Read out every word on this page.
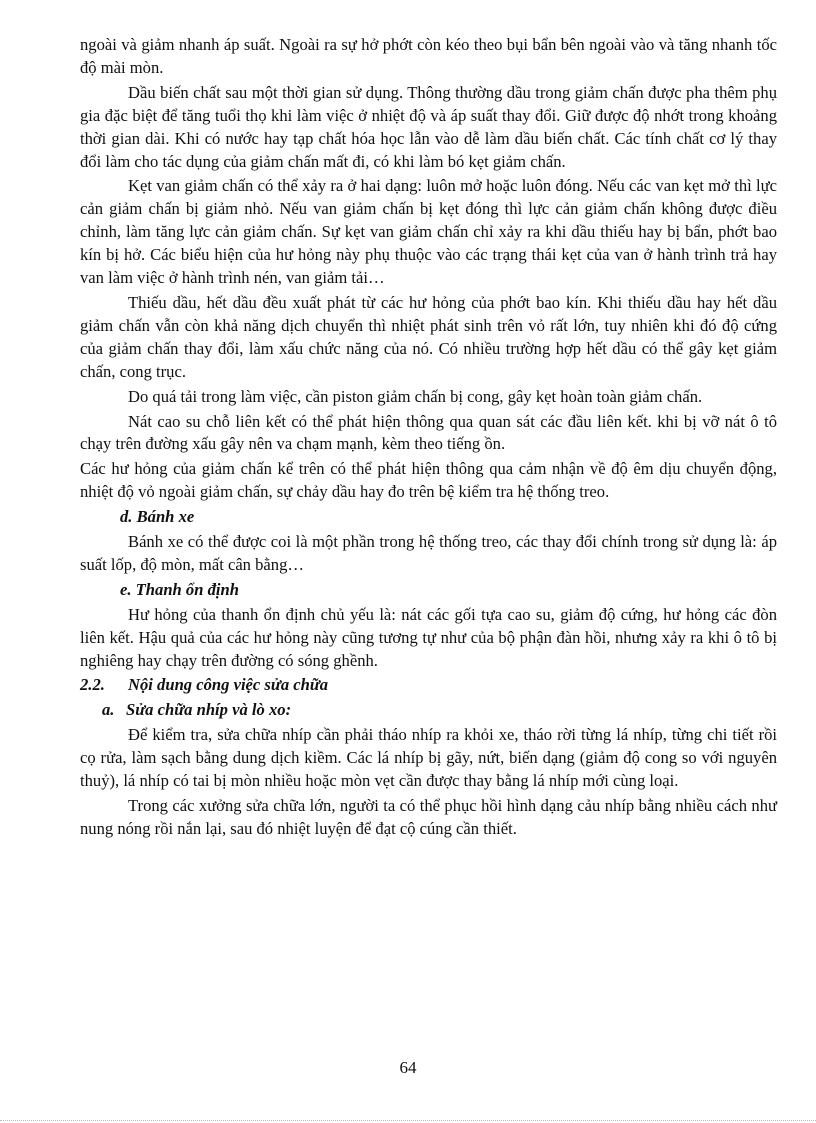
ngoài và giảm nhanh áp suất. Ngoài ra sự hở phớt còn kéo theo bụi bẩn bên ngoài vào và tăng nhanh tốc độ mài mòn.

Dầu biến chất sau một thời gian sử dụng. Thông thường dầu trong giảm chấn được pha thêm phụ gia đặc biệt để tăng tuổi thọ khi làm việc ở nhiệt độ và áp suất thay đổi. Giữ được độ nhớt trong khoảng thời gian dài. Khi có nước hay tạp chất hóa học lẫn vào dễ làm dầu biến chất. Các tính chất cơ lý thay đổi làm cho tác dụng của giảm chấn mất đi, có khi làm bó kẹt giảm chấn.

Kẹt van giảm chấn có thể xảy ra ở hai dạng: luôn mở hoặc luôn đóng. Nếu các van kẹt mở thì lực cản giảm chấn bị giảm nhỏ. Nếu van giảm chấn bị kẹt đóng thì lực cản giảm chấn không được điều chỉnh, làm tăng lực cản giảm chấn. Sự kẹt van giảm chấn chỉ xảy ra khi dầu thiếu hay bị bẩn, phớt bao kín bị hở. Các biểu hiện của hư hỏng này phụ thuộc vào các trạng thái kẹt của van ở hành trình trả hay van làm việc ở hành trình nén, van giảm tải…

Thiếu dầu, hết dầu đều xuất phát từ các hư hỏng của phớt bao kín. Khi thiếu dầu hay hết dầu giảm chấn vẫn còn khả năng dịch chuyển thì nhiệt phát sinh trên vỏ rất lớn, tuy nhiên khi đó độ cứng của giảm chấn thay đổi, làm xấu chức năng của nó. Có nhiều trường hợp hết dầu có thể gây kẹt giảm chấn, cong trục.

Do quá tải trong làm việc, cần piston giảm chấn bị cong, gây kẹt hoàn toàn giảm chấn.

Nát cao su chỗ liên kết có thể phát hiện thông qua quan sát các đầu liên kết. khi bị vỡ nát ô tô chạy trên đường xấu gây nên va chạm mạnh, kèm theo tiếng ồn.

Các hư hỏng của giảm chấn kể trên có thể phát hiện thông qua cảm nhận về độ êm dịu chuyển động, nhiệt độ vỏ ngoài giảm chấn, sự chảy dầu hay đo trên bệ kiểm tra hệ thống treo.

d. Bánh xe

Bánh xe có thể được coi là một phần trong hệ thống treo, các thay đổi chính trong sử dụng là: áp suất lốp, độ mòn, mất cân bằng…

e. Thanh ổn định

Hư hỏng của thanh ổn định chủ yếu là: nát các gối tựa cao su, giảm độ cứng, hư hỏng các đòn liên kết. Hậu quả của các hư hỏng này cũng tương tự như của bộ phận đàn hồi, nhưng xảy ra khi ô tô bị nghiêng hay chạy trên đường có sóng ghềnh.

2.2. Nội dung công việc sửa chữa
a. Sửa chữa nhíp và lò xo:

Để kiểm tra, sửa chữa nhíp cần phải tháo nhíp ra khỏi xe, tháo rời từng lá nhíp, từng chi tiết rồi cọ rửa, làm sạch bằng dung dịch kiềm. Các lá nhíp bị gãy, nứt, biến dạng (giảm độ cong so với nguyên thuỷ), lá nhíp có tai bị mòn nhiều hoặc mòn vẹt cần được thay bằng lá nhíp mới cùng loại.

Trong các xưởng sửa chữa lớn, người ta có thể phục hồi hình dạng cảu nhíp bằng nhiều cách như nung nóng rồi nắn lại, sau đó nhiệt luyện để đạt cộ cúng cần thiết.

64
